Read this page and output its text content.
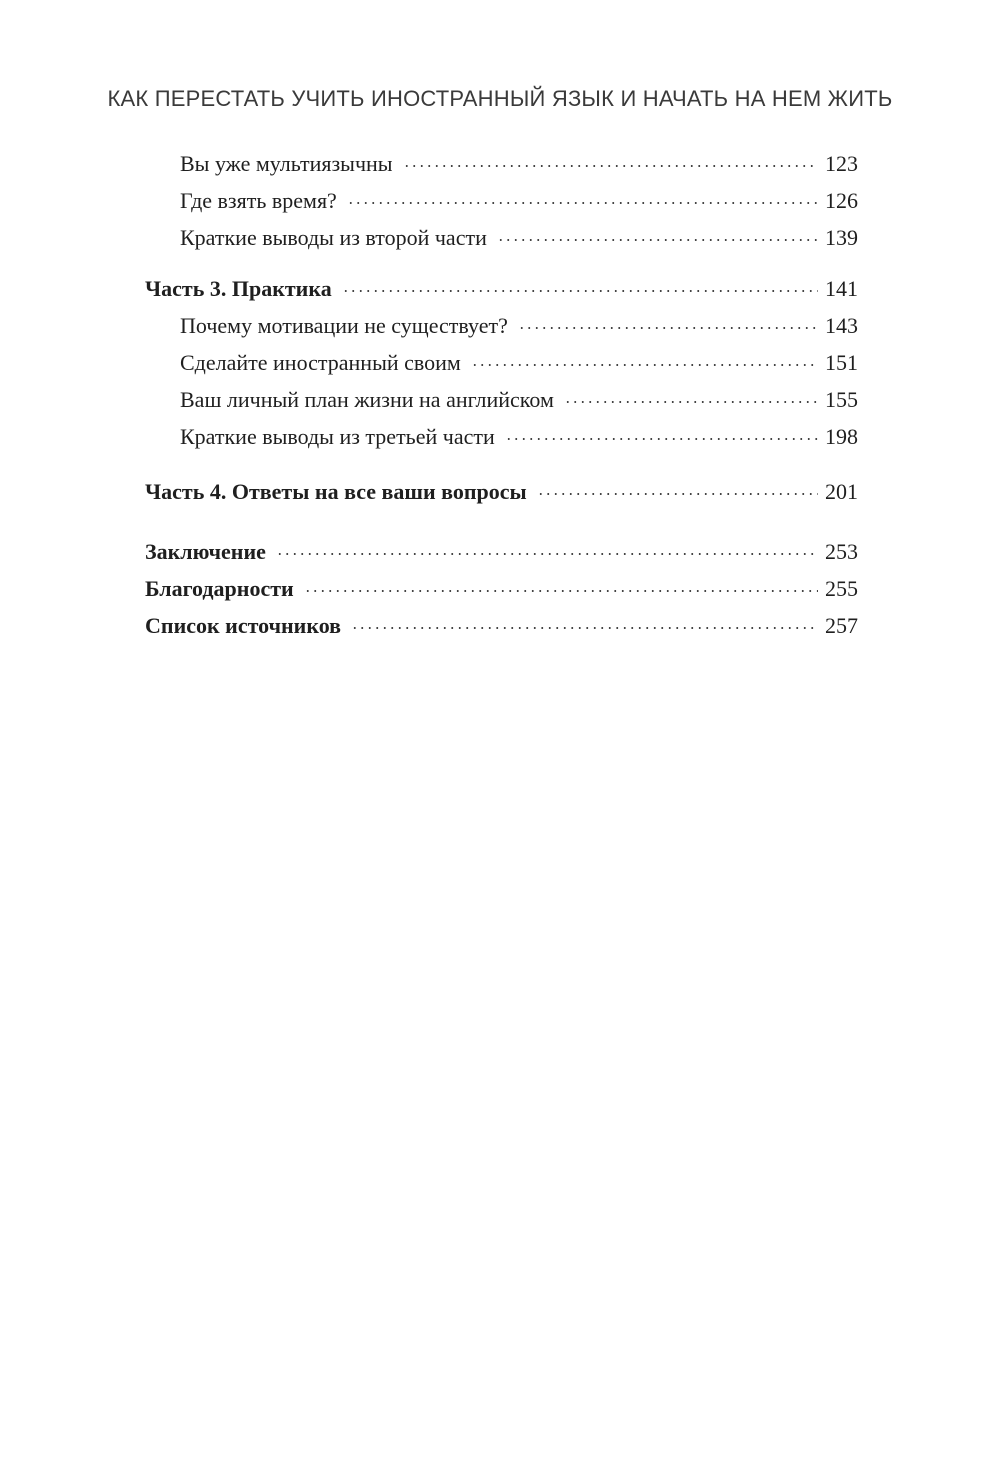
КАК ПЕРЕСТАТЬ УЧИТЬ ИНОСТРАННЫЙ ЯЗЫК И НАЧАТЬ НА НЕМ ЖИТЬ
Вы уже мультиязычны	123
Где взять время?	126
Краткие выводы из второй части	139
Часть 3. Практика	141
Почему мотивации не существует?	143
Сделайте иностранный своим	151
Ваш личный план жизни на английском	155
Краткие выводы из третьей части	198
Часть 4. Ответы на все ваши вопросы	201
Заключение	253
Благодарности	255
Список источников	257
